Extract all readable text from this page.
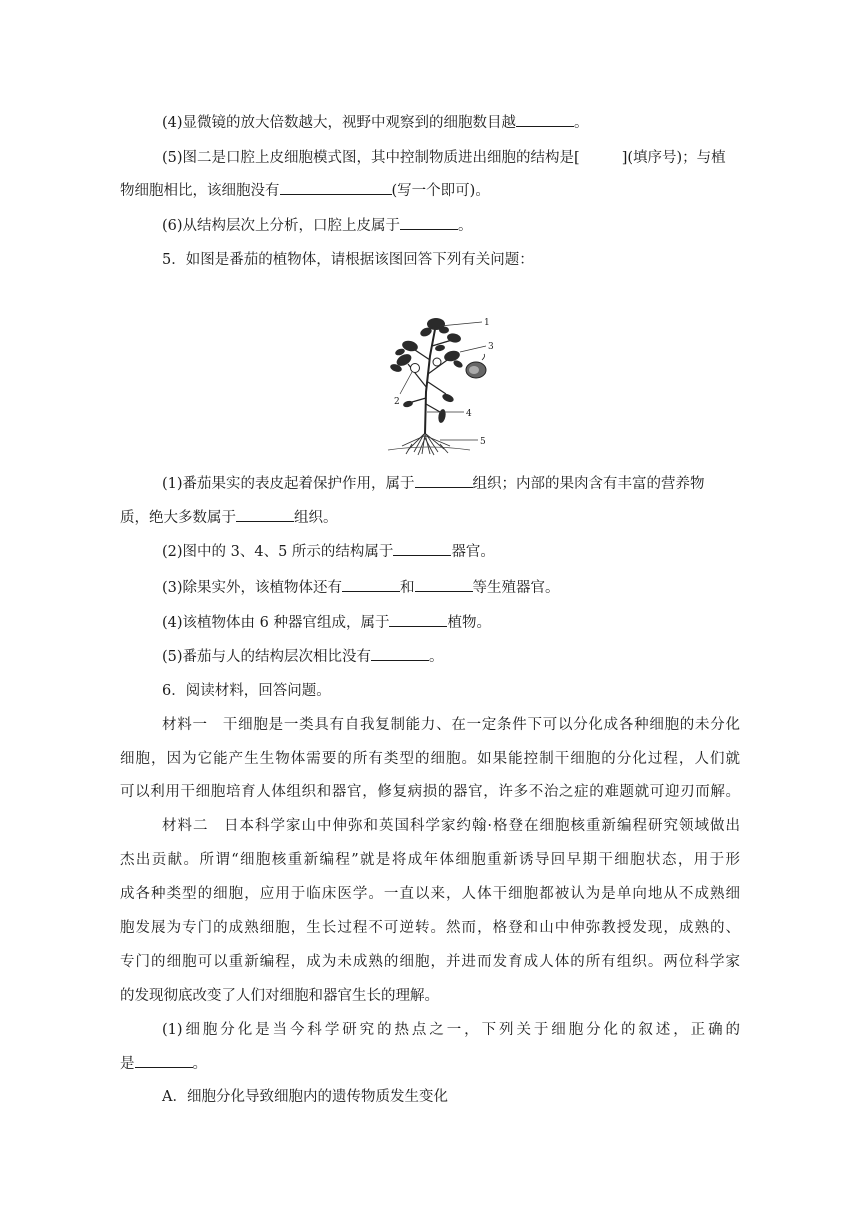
(4)显微镜的放大倍数越大，视野中观察到的细胞数目越	。
(5)图二是口腔上皮细胞模式图，其中控制物质进出细胞的结构是[	](填序号)；与植
物细胞相比，该细胞没有	(写一个即可)。
(6)从结构层次上分析，口腔上皮属于	。
5．如图是番茄的植物体，请根据该图回答下列有关问题：
1
2
3
4
5
(1)番茄果实的表皮起着保护作用，属于	组织；内部的果肉含有丰富的营养物
质，绝大多数属于	组织。
(2)图中的 3、4、5 所示的结构属于	器官。
(3)除果实外，该植物体还有	和	等生殖器官。
(4)该植物体由 6 种器官组成，属于	植物。
(5)番茄与人的结构层次相比没有	。
6．阅读材料，回答问题。
材料一　干细胞是一类具有自我复制能力、在一定条件下可以分化成各种细胞的未分化
细胞，因为它能产生生物体需要的所有类型的细胞。如果能控制干细胞的分化过程，人们就
可以利用干细胞培育人体组织和器官，修复病损的器官，许多不治之症的难题就可迎刃而解。
材料二　日本科学家山中伸弥和英国科学家约翰·格登在细胞核重新编程研究领域做出
杰出贡献。所谓“细胞核重新编程”就是将成年体细胞重新诱导回早期干细胞状态，用于形
成各种类型的细胞，应用于临床医学。一直以来，人体干细胞都被认为是单向地从不成熟细
胞发展为专门的成熟细胞，生长过程不可逆转。然而，格登和山中伸弥教授发现，成熟的、
专门的细胞可以重新编程，成为未成熟的细胞，并进而发育成人体的所有组织。两位科学家
的发现彻底改变了人们对细胞和器官生长的理解。
(1)细胞分化是当今科学研究的热点之一，下列关于细胞分化的叙述，正确的
是	。
A．细胞分化导致细胞内的遗传物质发生变化
